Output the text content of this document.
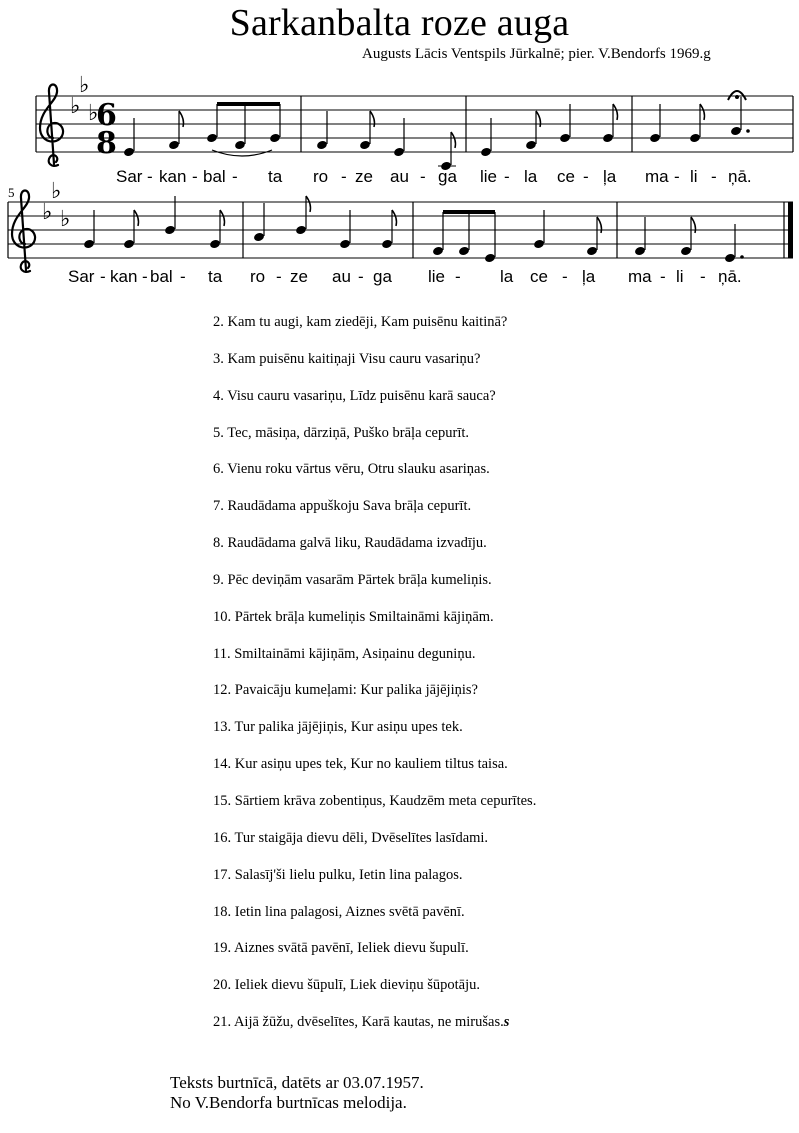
Sarkanbalta roze auga
Augusts Lācis Ventspils Jūrkalnē; pier. V.Bendorfs 1969.g
♭
♭
♭
6
8
Sar - kan - bal - ta ro - ze au - ga lie - la ce - ļa ma - li - ņā.
5
♭
♭
♭
Sar - kan - bal - ta ro - ze au - ga lie - la ce - ļa ma - li - ņā.
2. Kam tu augi, kam ziedēji, Kam puisēnu kaitinā?
3. Kam puisēnu kaitiņaji Visu cauru vasariņu?
4. Visu cauru vasariņu, Līdz puisēnu karā sauca?
5. Tec, māsiņa, dārziņā, Puško brāļa cepurīt.
6. Vienu roku vārtus vēru, Otru slauku asariņas.
7. Raudādama appuškoju Sava brāļa cepurīt.
8. Raudādama galvā liku, Raudādama izvadīju.
9. Pēc deviņām vasarām Pārtek brāļa kumeliņis.
10. Pārtek brāļa kumeliņis Smiltaināmi kājiņām.
11. Smiltaināmi kājiņām, Asiņainu deguniņu.
12. Pavaicāju kumeļami: Kur palika jājējiņis?
13. Tur palika jājējiņis, Kur asiņu upes tek.
14. Kur asiņu upes tek, Kur no kauliem tiltus taisa.
15. Sārtiem krāva zobentiņus, Kaudzēm meta cepurītes.
16. Tur staigāja dievu dēli, Dvēselītes lasīdami.
17. Salasīj'ši lielu pulku, Ietin lina palagos.
18. Ietin lina palagosi, Aiznes svētā pavēnī.
19. Aiznes svātā pavēnī, Ieliek dievu šupulī.
20. Ieliek dievu šūpulī, Liek dieviņu šūpotāju.
21. Aijā žūžu, dvēselītes, Karā kautas, ne mirušas.s
Teksts burtnīcā, datēts ar 03.07.1957.
No V.Bendorfa burtnīcas melodija.
